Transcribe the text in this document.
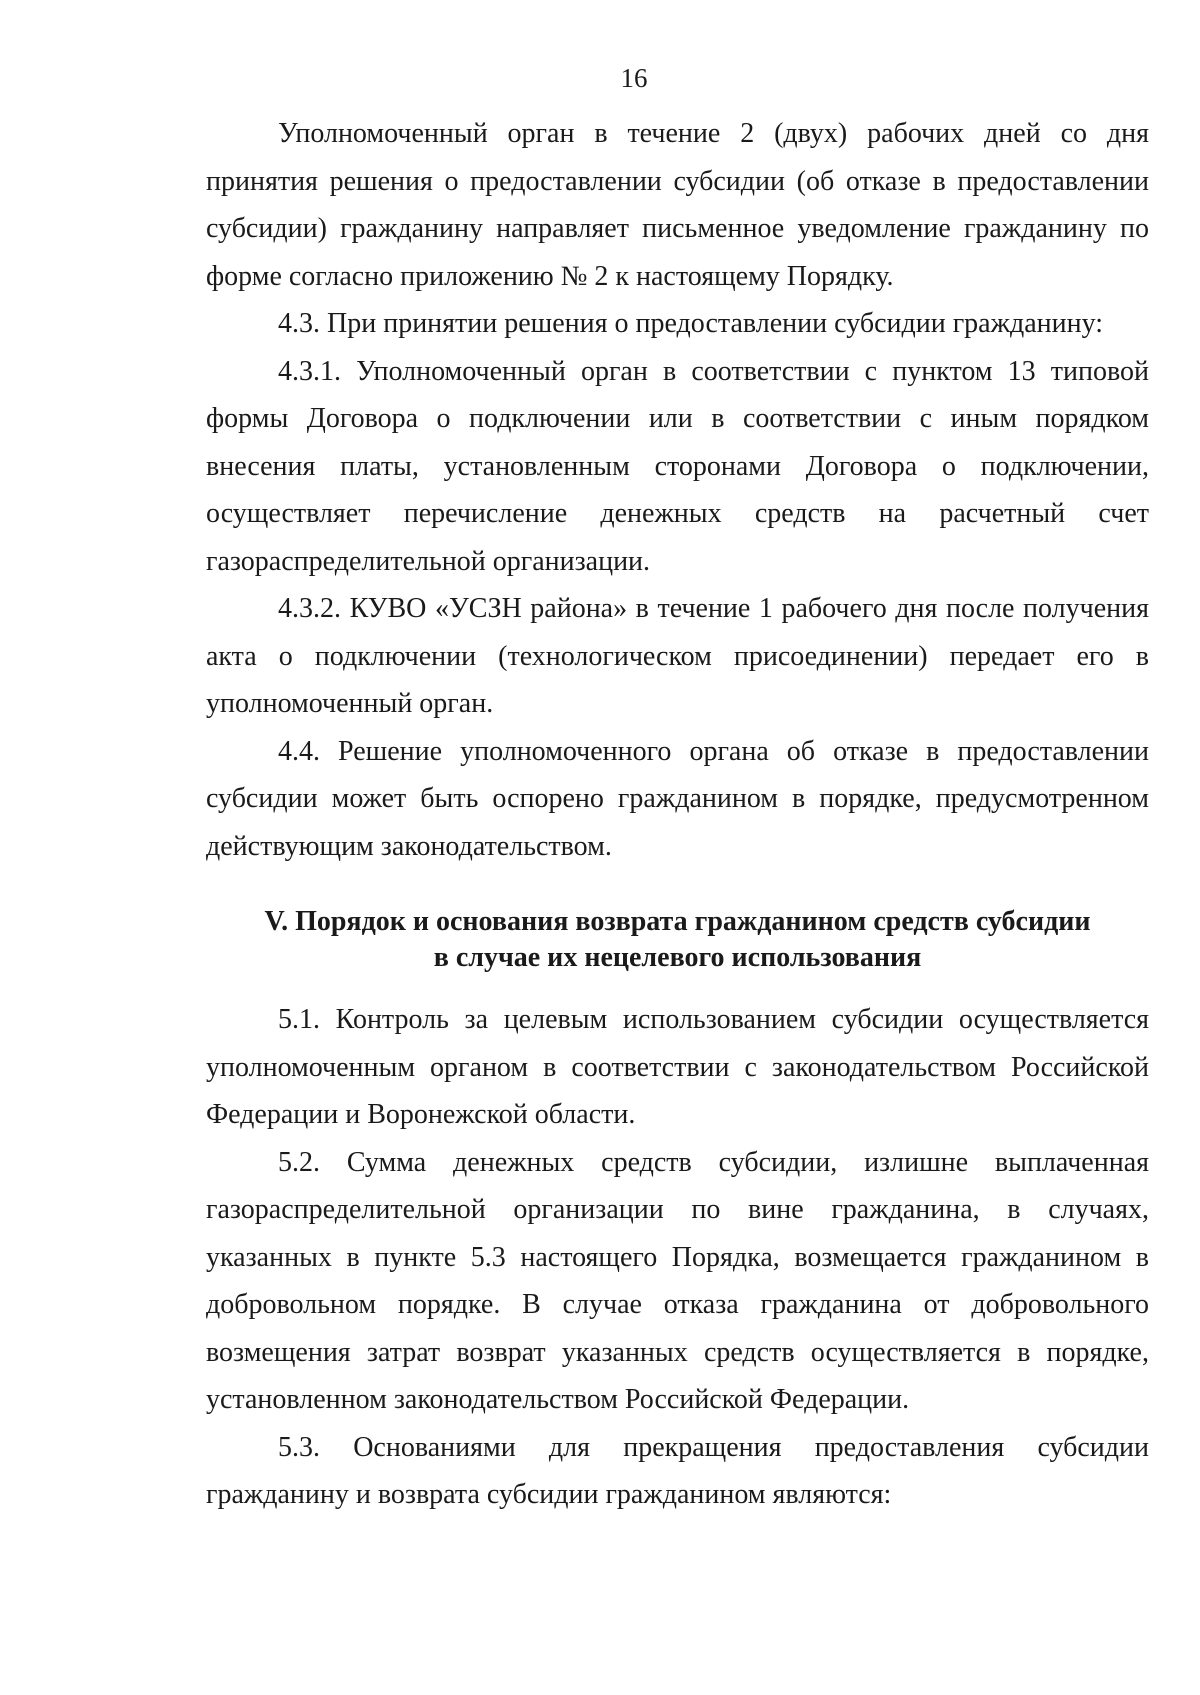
16

Уполномоченный орган в течение 2 (двух) рабочих дней со дня принятия решения о предоставлении субсидии (об отказе в предоставлении субсидии) гражданину направляет письменное уведомление гражданину по форме согласно приложению № 2 к настоящему Порядку.

4.3. При принятии решения о предоставлении субсидии гражданину:

4.3.1. Уполномоченный орган в соответствии с пунктом 13 типовой формы Договора о подключении или в соответствии с иным порядком внесения платы, установленным сторонами Договора о подключении, осуществляет перечисление денежных средств на расчетный счет газораспределительной организации.

4.3.2. КУВО «УСЗН района» в течение 1 рабочего дня после получения акта о подключении (технологическом присоединении) передает его в уполномоченный орган.

4.4. Решение уполномоченного органа об отказе в предоставлении субсидии может быть оспорено гражданином в порядке, предусмотренном действующим законодательством.

V. Порядок и основания возврата гражданином средств субсидии
в случае их нецелевого использования

5.1. Контроль за целевым использованием субсидии осуществляется уполномоченным органом в соответствии с законодательством Российской Федерации и Воронежской области.

5.2. Сумма денежных средств субсидии, излишне выплаченная газораспределительной организации по вине гражданина, в случаях, указанных в пункте 5.3 настоящего Порядка, возмещается гражданином в добровольном порядке. В случае отказа гражданина от добровольного возмещения затрат возврат указанных средств осуществляется в порядке, установленном законодательством Российской Федерации.

5.3. Основаниями для прекращения предоставления субсидии гражданину и возврата субсидии гражданином являются:
